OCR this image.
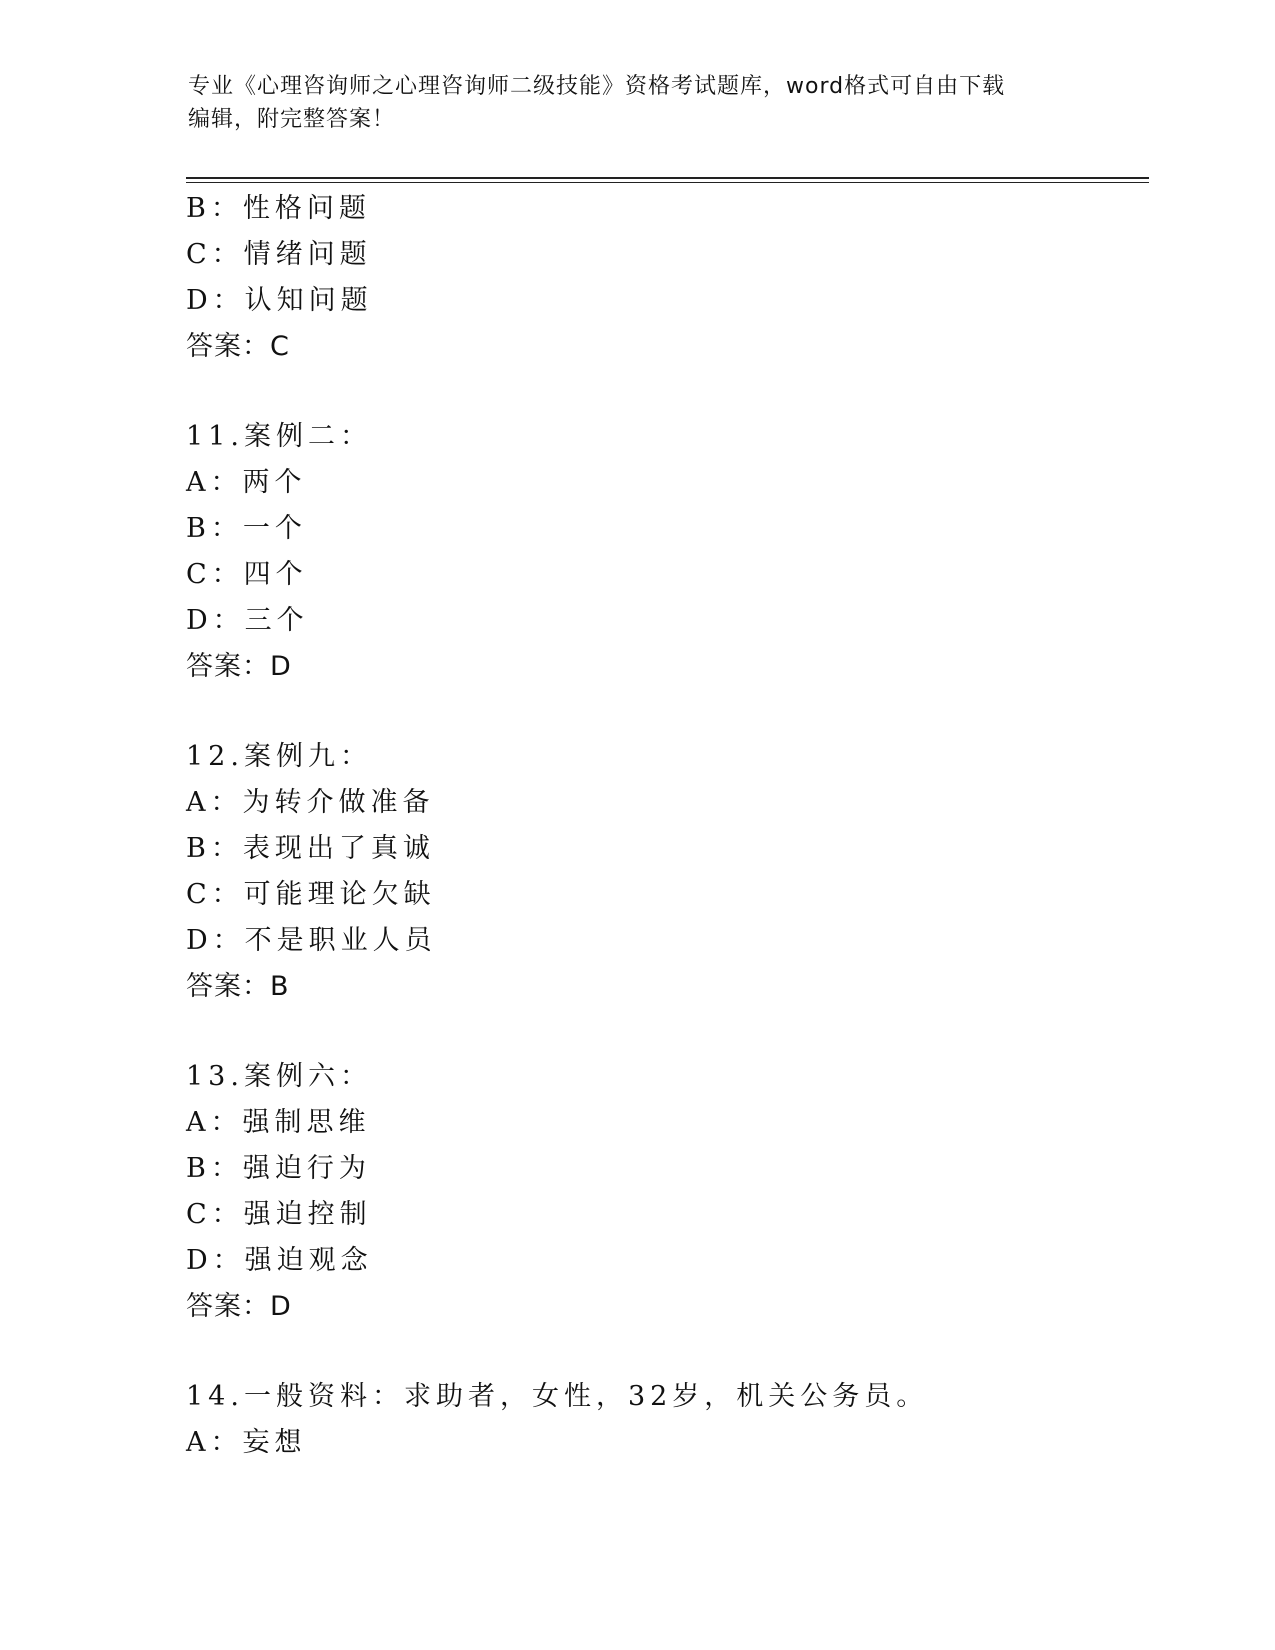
专业《心理咨询师之心理咨询师二级技能》资格考试题库，word格式可自由下载
编辑，附完整答案！
B：性格问题
C：情绪问题
D：认知问题
答案：C
11.案例二：
A：两个
B：一个
C：四个
D：三个
答案：D
12.案例九：
A：为转介做准备
B：表现出了真诚
C：可能理论欠缺
D：不是职业人员
答案：B
13.案例六：
A：强制思维
B：强迫行为
C：强迫控制
D：强迫观念
答案：D
14.一般资料：求助者，女性，32岁，机关公务员。
A：妄想
